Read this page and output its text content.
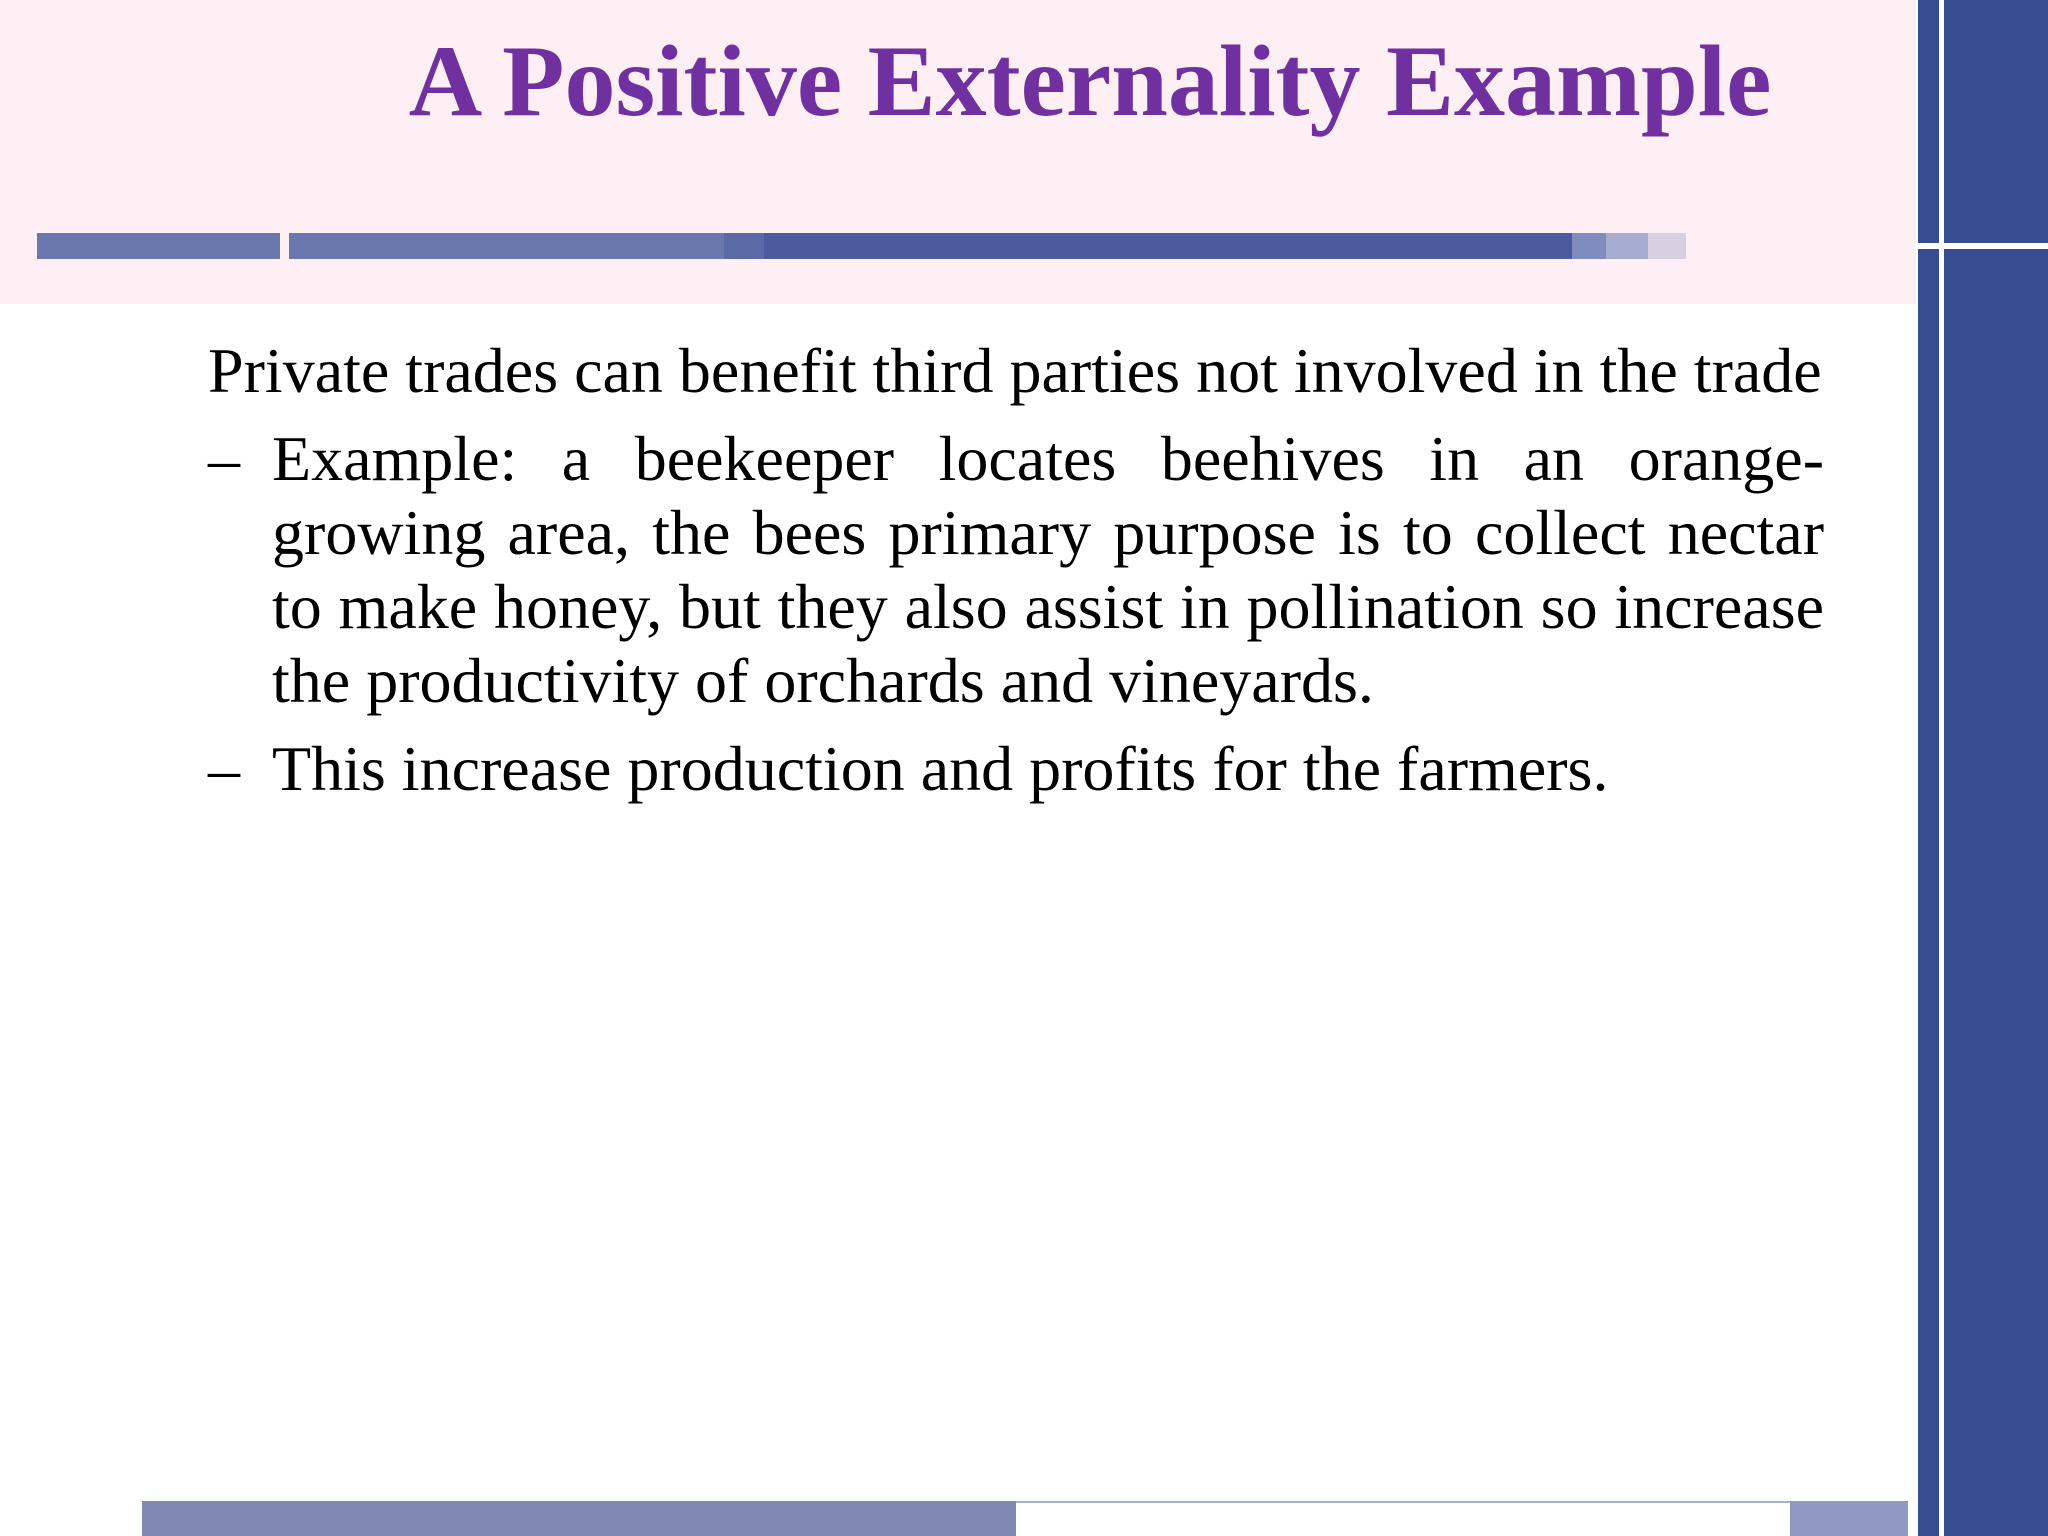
A Positive Externality Example

Private trades can benefit third parties not involved in the trade

– Example: a beekeeper locates beehives in an orange-growing area, the bees primary purpose is to collect nectar to make honey, but they also assist in pollination so increase the productivity of orchards and vineyards.
– This increase production and profits for the farmers.
